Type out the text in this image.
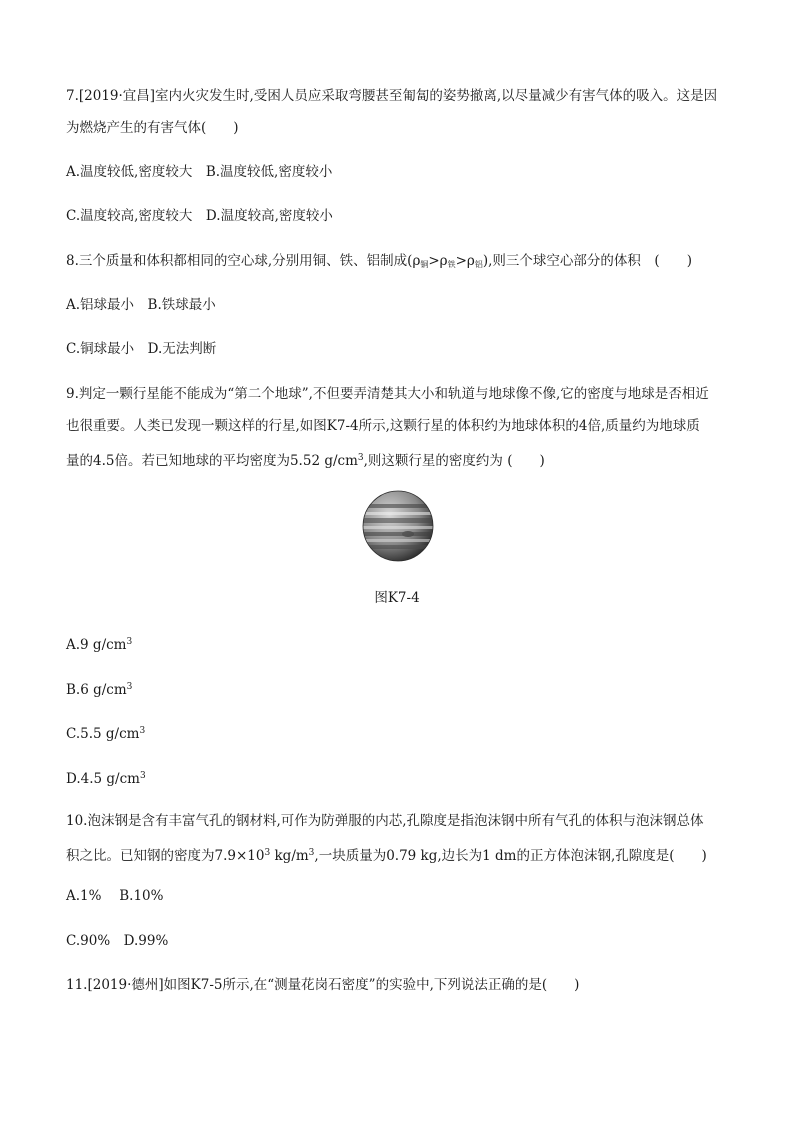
7.[2019·宜昌]室内火灾发生时,受困人员应采取弯腰甚至匍匐的姿势撤离,以尽量减少有害气体的吸入。这是因
为燃烧产生的有害气体(　　)
A.温度较低,密度较大　B.温度较低,密度较小
C.温度较高,密度较大　D.温度较高,密度较小
8.三个质量和体积都相同的空心球,分别用铜、铁、铝制成$(\rho_铜>\rho_铁>\rho_铝)$,则三个球空心部分的体积　(　　)
A.铝球最小　B.铁球最小
C.铜球最小　D.无法判断
9.判定一颗行星能不能成为“第二个地球”,不但要弄清楚其大小和轨道与地球像不像,它的密度与地球是否相近
也很重要。人类已发现一颗这样的行星,如图K7-4所示,这颗行星的体积约为地球体积的4倍,质量约为地球质
量的4.5倍。若已知地球的平均密度为5.52 $g/cm^3$,则这颗行星的密度约为 (　　)
图K7-4
A.9 $g/cm^3$
B.6 $g/cm^3$
C.5.5 $g/cm^3$
D.4.5 $g/cm^3$
10.泡沫钢是含有丰富气孔的钢材料,可作为防弹服的内芯,孔隙度是指泡沫钢中所有气孔的体积与泡沫钢总体
积之比。已知钢的密度为$7.9\times 10^3$ $kg/m^3$,一块质量为0.79 kg,边长为1 dm的正方体泡沫钢,孔隙度是(　　)
A.1%　 B.10%
C.90%　D.99%
11.[2019·德州]如图K7-5所示,在“测量花岗石密度”的实验中,下列说法正确的是(　　)
